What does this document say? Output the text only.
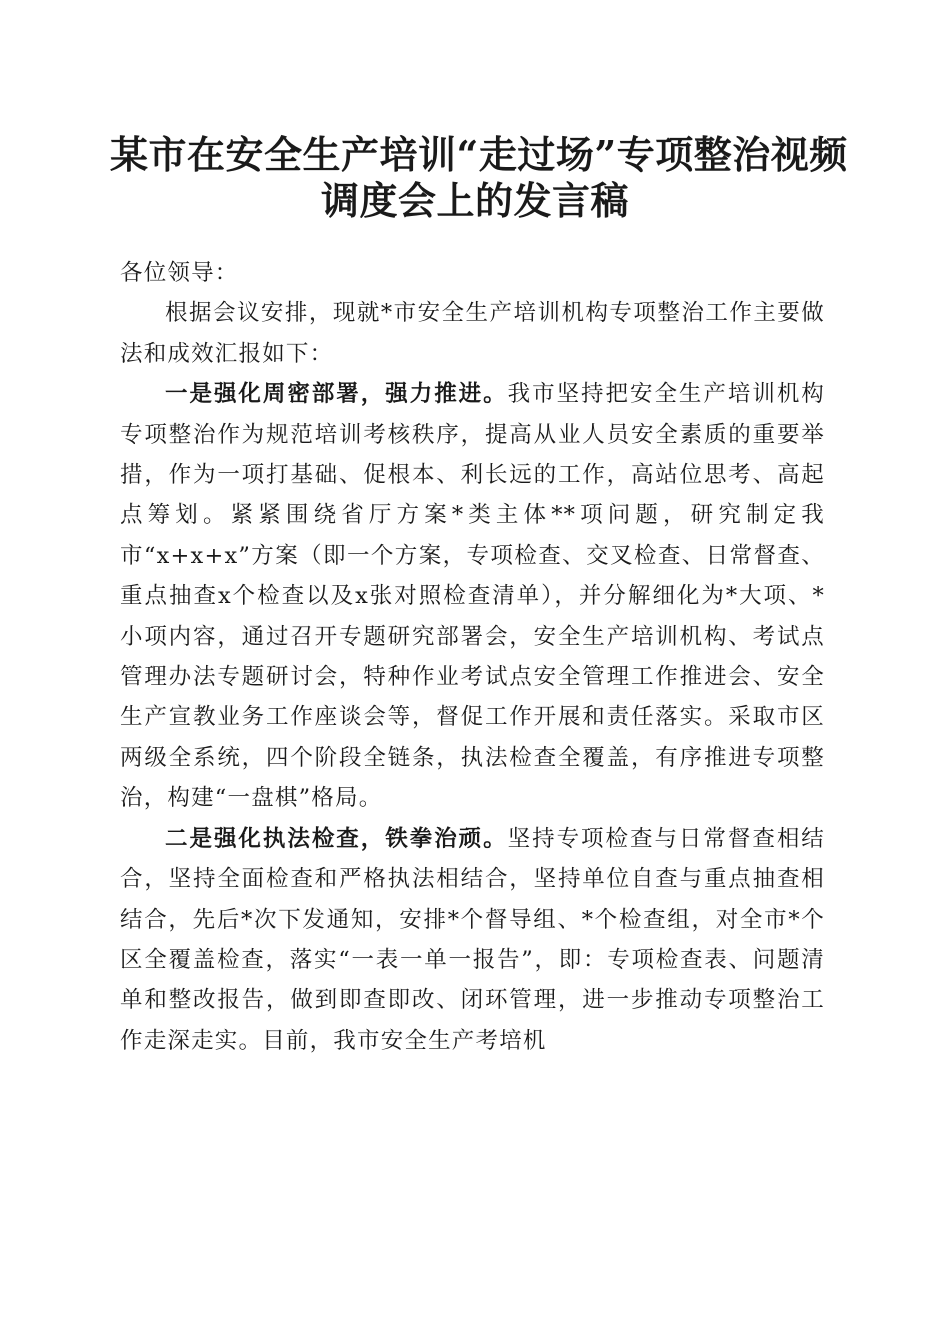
某市在安全生产培训“走过场”专项整治视频
调度会上的发言稿

各位领导：

根据会议安排，现就*市安全生产培训机构专项整治工作主要做法和成效汇报如下：

一是强化周密部署，强力推进。我市坚持把安全生产培训机构专项整治作为规范培训考核秩序，提高从业人员安全素质的重要举措，作为一项打基础、促根本、利长远的工作，高站位思考、高起点筹划。紧紧围绕省厅方案*类主体**项问题，研究制定我市“x+x+x”方案（即一个方案，专项检查、交叉检查、日常督查、重点抽查x个检查以及x张对照检查清单），并分解细化为*大项、*小项内容，通过召开专题研究部署会，安全生产培训机构、考试点管理办法专题研讨会，特种作业考试点安全管理工作推进会、安全生产宣教业务工作座谈会等，督促工作开展和责任落实。采取市区两级全系统，四个阶段全链条，执法检查全覆盖，有序推进专项整治，构建“一盘棋”格局。

二是强化执法检查，铁拳治顽。坚持专项检查与日常督查相结合，坚持全面检查和严格执法相结合，坚持单位自查与重点抽查相结合，先后*次下发通知，安排*个督导组、*个检查组，对全市*个区全覆盖检查，落实“一表一单一报告”，即：专项检查表、问题清单和整改报告，做到即查即改、闭环管理，进一步推动专项整治工作走深走实。目前，我市安全生产考培机
